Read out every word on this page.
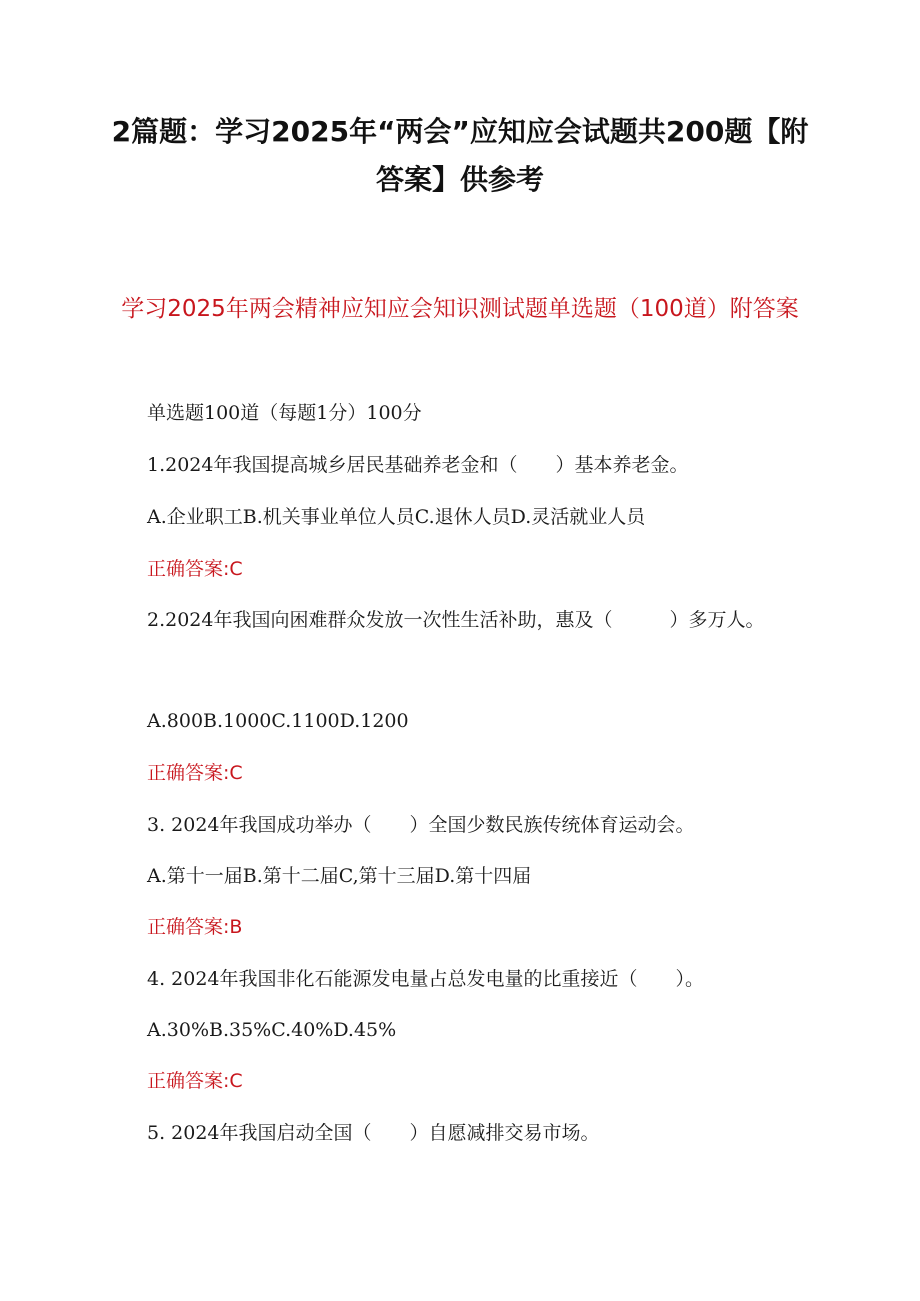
2篇题：学习2025年“两会”应知应会试题共200题【附答案】供参考
学习2025年两会精神应知应会知识测试题单选题（100道）附答案
单选题100道（每题1分）100分
1.2024年我国提高城乡居民基础养老金和（　　）基本养老金。
A.企业职工B.机关事业单位人员C.退休人员D.灵活就业人员
正确答案:C
2.2024年我国向困难群众发放一次性生活补助，惠及（　　　）多万人。
A.800B.1000C.1100D.1200
正确答案:C
3. 2024年我国成功举办（　　）全国少数民族传统体育运动会。
A.第十一届B.第十二届C,第十三届D.第十四届
正确答案:B
4. 2024年我国非化石能源发电量占总发电量的比重接近（　　）。
A.30%B.35%C.40%D.45%
正确答案:C
5. 2024年我国启动全国（　　）自愿减排交易市场。
